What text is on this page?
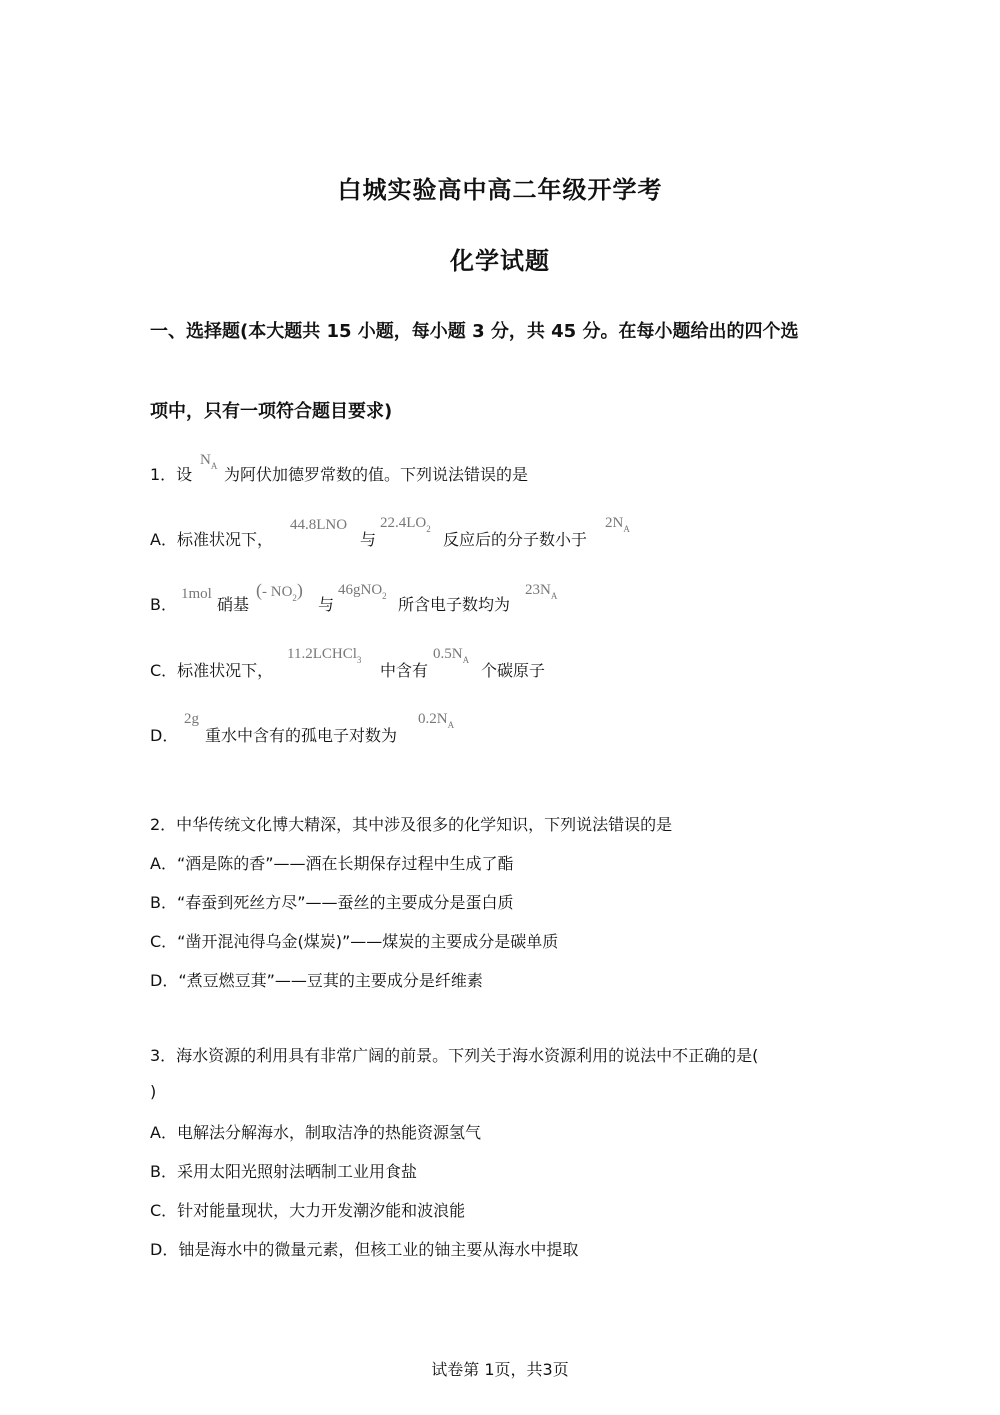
白城实验高中高二年级开学考
化学试题
一、选择题(本大题共 15 小题，每小题 3 分，共 45 分。在每小题给出的四个选
项中，只有一项符合题目要求)
1．设
$N_A$ 为阿伏加德罗常数的值。下列说法错误的是
A．标准状况下，
44.8LNO
与
$22.4LO_2$
反应后的分子数小于
$2N_A$
B．
1mol
硝基
(- $NO_2$)
与
46gNO$_2$ 所含电子数均为
$23N_A$
C．标准状况下，
11.2LCHCl$_3$
中含有
$0.5N_A$
个碳原子
D．
2g
重水中含有的孤电子对数为
$0.2N_A$
2．中华传统文化博大精深，其中涉及很多的化学知识，下列说法错误的是
A．“酒是陈的香”——酒在长期保存过程中生成了酯
B．“春蚕到死丝方尽”——蚕丝的主要成分是蛋白质
C．“凿开混沌得乌金(煤炭)”——煤炭的主要成分是碳单质
D．“煮豆燃豆萁”——豆萁的主要成分是纤维素
3．海水资源的利用具有非常广阔的前景。下列关于海水资源利用的说法中不正确的是(
)
A．电解法分解海水，制取洁净的热能资源氢气
B．采用太阳光照射法晒制工业用食盐
C．针对能量现状，大力开发潮汐能和波浪能
D．铀是海水中的微量元素，但核工业的铀主要从海水中提取
试卷第 1页，共3页
